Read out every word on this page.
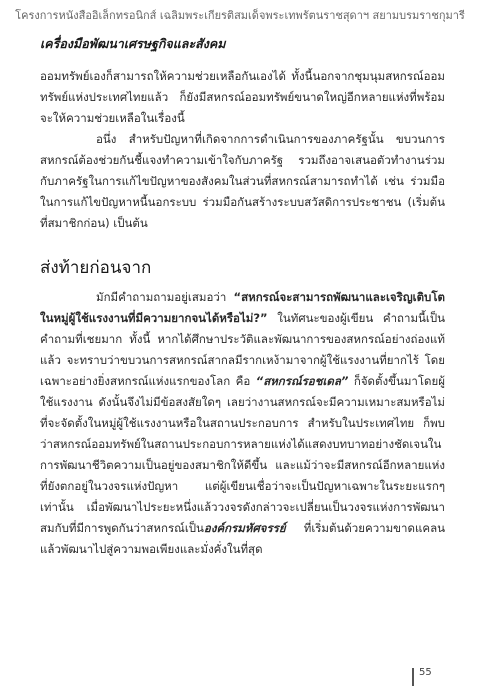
โครงการหนังสืออิเล็กทรอนิกส์ เฉลิมพระเกียรติสมเด็จพระเทพรัตนราชสุดาฯ สยามบรมราชกุมารี
เครื่องมือพัฒนาเศรษฐกิจและสังคม

ออมทรัพย์เองก็สามารถให้ความช่วยเหลือกันเองได้ ทั้งนี้นอกจากชุมนุมสหกรณ์ออมทรัพย์แห่งประเทศไทยแล้ว ก็ยังมีสหกรณ์ออมทรัพย์ขนาดใหญ่อีกหลายแห่งที่พร้อมจะให้ความช่วยเหลือในเรื่องนี้

อนึ่ง สำหรับปัญหาที่เกิดจากการดำเนินการของภาครัฐนั้น ขบวนการสหกรณ์ต้องช่วยกันชี้แจงทำความเข้าใจกับภาครัฐ รวมถึงอาจเสนอตัวทำงานร่วมกับภาครัฐในการแก้ไขปัญหาของสังคมในส่วนที่สหกรณ์สามารถทำได้ เช่น ร่วมมือในการแก้ไขปัญหาหนี้นอกระบบ ร่วมมือกันสร้างระบบสวัสดิการประชาชน (เริ่มต้นที่สมาชิกก่อน) เป็นต้น

ส่งท้ายก่อนจาก

มักมีคำถามถามอยู่เสมอว่า “สหกรณ์จะสามารถพัฒนาและเจริญเติบโตในหมู่ผู้ใช้แรงงานที่มีความยากจนได้หรือไม่?” ในทัศนะของผู้เขียน คำถามนี้เป็นคำถามที่เชยมาก ทั้งนี้ หากได้ศึกษาประวัติและพัฒนาการของสหกรณ์อย่างถ่องแท้แล้ว จะทราบว่าขบวนการสหกรณ์สากลมีรากเหง้ามาจากผู้ใช้แรงงานที่ยากไร้ โดยเฉพาะอย่างยิ่งสหกรณ์แห่งแรกของโลก คือ “สหกรณ์รอชเดล” ก็จัดตั้งขึ้นมาโดยผู้ใช้แรงงาน ดังนั้นจึงไม่มีข้อสงสัยใดๆ เลยว่างานสหกรณ์จะมีความเหมาะสมหรือไม่ที่จะจัดตั้งในหมู่ผู้ใช้แรงงานหรือในสถานประกอบการ สำหรับในประเทศไทย ก็พบว่าสหกรณ์ออมทรัพย์ในสถานประกอบการหลายแห่งได้แสดงบทบาทอย่างชัดเจนในการพัฒนาชีวิตความเป็นอยู่ของสมาชิกให้ดีขึ้น และแม้ว่าจะมีสหกรณ์อีกหลายแห่งที่ยังตกอยู่ในวงจรแห่งปัญหา แต่ผู้เขียนเชื่อว่าจะเป็นปัญหาเฉพาะในระยะแรกๆ เท่านั้น เมื่อพัฒนาไประยะหนึ่งแล้ววงจรดังกล่าวจะเปลี่ยนเป็นวงจรแห่งการพัฒนา สมกับที่มีการพูดกันว่าสหกรณ์เป็นองค์กรมหัศจรรย์ ที่เริ่มต้นด้วยความขาดแคลน แล้วพัฒนาไปสู่ความพอเพียงและมั่งคั่งในที่สุด

55
